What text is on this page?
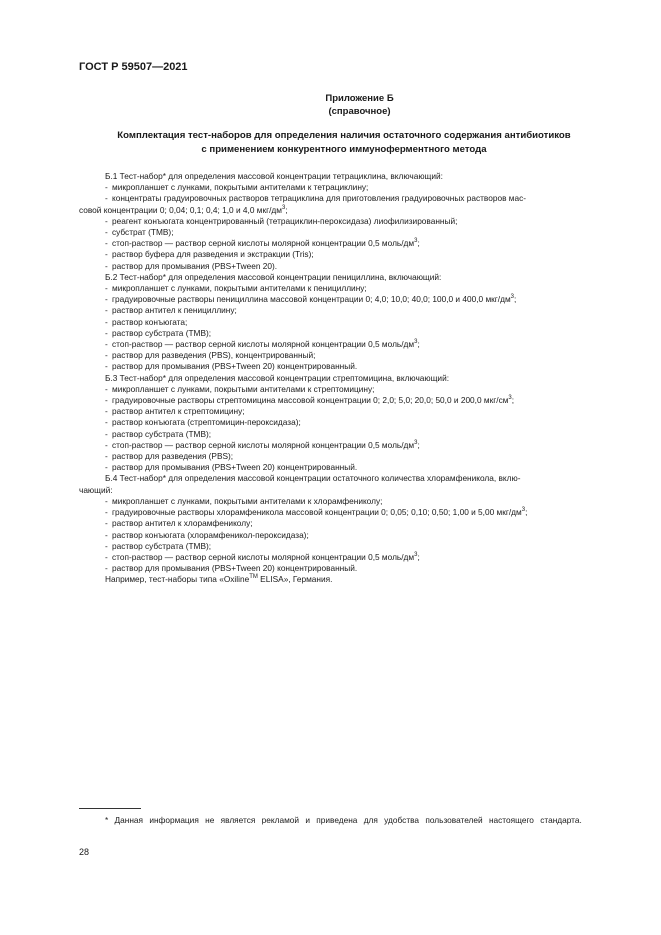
ГОСТ Р 59507—2021
Приложение Б
(справочное)
Комплектация тест-наборов для определения наличия остаточного содержания антибиотиков
с применением конкурентного иммуноферментного метода

Б.1 Тест-набор* для определения массовой концентрации тетрациклина, включающий:

- микропланшет с лунками, покрытыми антителами к тетрациклину;
- концентраты градуировочных растворов тетрациклина для приготовления градуировочных растворов мас-

совой концентрации 0; 0,04; 0,1; 0,4; 1,0 и 4,0 мкг/$дм^3$;

- реагент конъюгата концентрированный (тетрациклин-пероксидаза) лиофилизированный;
- субстрат (ТМВ);
- стоп-раствор — раствор серной кислоты молярной концентрации 0,5 моль/$дм^3$;
- раствор буфера для разведения и экстракции (Tris);
- раствор для промывания (PBS+Tween 20).

Б.2 Тест-набор* для определения массовой концентрации пенициллина, включающий:

- микропланшет с лунками, покрытыми антителами к пенициллину;
- градуировочные растворы пенициллина массовой концентрации 0; 4,0; 10,0; 40,0; 100,0 и 400,0 мкг/$дм^3$;
- раствор антител к пенициллину;
- раствор конъюгата;
- раствор субстрата (ТМВ);
- стоп-раствор — раствор серной кислоты молярной концентрации 0,5 моль/$дм^3$;
- раствор для разведения (PBS), концентрированный;
- раствор для промывания (PBS+Tween 20) концентрированный.

Б.3 Тест-набор* для определения массовой концентрации стрептомицина, включающий:

- микропланшет с лунками, покрытыми антителами к стрептомицину;
- градуировочные растворы стрептомицина массовой концентрации 0; 2,0; 5,0; 20,0; 50,0 и 200,0 мкг/$см^3$;
- раствор антител к стрептомицину;
- раствор конъюгата (стрептомицин-пероксидаза);
- раствор субстрата (ТМВ);
- стоп-раствор — раствор серной кислоты молярной концентрации 0,5 моль/$дм^3$;
- раствор для разведения (PBS);
- раствор для промывания (PBS+Tween 20) концентрированный.

Б.4 Тест-набор* для определения массовой концентрации остаточного количества хлорамфеникола, вклю-

чающий:

- микропланшет с лунками, покрытыми антителами к хлорамфениколу;
- градуировочные растворы хлорамфеникола массовой концентрации 0; 0,05; 0,10; 0,50; 1,00 и 5,00 мкг/$дм^3$;
- раствор антител к хлорамфениколу;
- раствор конъюгата (хлорамфеникол-пероксидаза);
- раствор субстрата (ТМВ);
- стоп-раствор — раствор серной кислоты молярной концентрации 0,5 моль/$дм^3$;
- раствор для промывания (PBS+Tween 20) концентрированный.

Например, тест-наборы типа «Oxiline™ ELISA», Германия.

* Данная информация не является рекламой и приведена для удобства пользователей настоящего стандарта.
28
